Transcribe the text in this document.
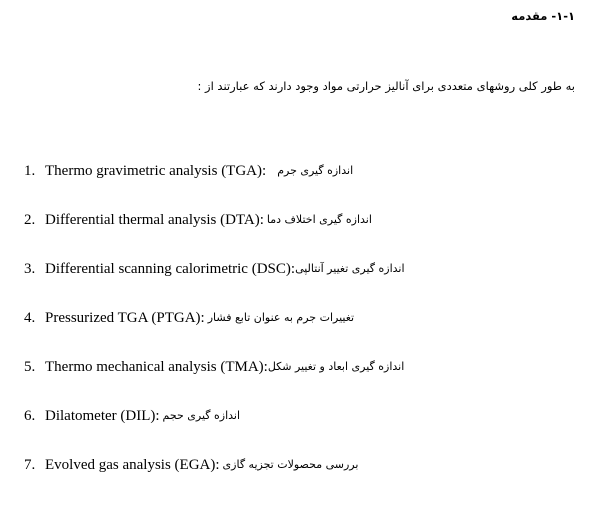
۱-۱- مقدمه
به طور کلی روشهای متعددی برای آنالیز حرارتی مواد وجود دارند که عبارتند از :
1. Thermo gravimetric analysis (TGA): اندازه گیری جرم
2. Differential thermal analysis (DTA): اندازه گیری اختلاف دما
3. Differential scanning calorimetric (DSC):اندازه گیری تغییر آنتالپی
4. Pressurized TGA (PTGA): تغییرات جرم به عنوان تابع فشار
5. Thermo mechanical analysis (TMA):اندازه گیری ابعاد و تغییر شکل
6. Dilatometer (DIL): اندازه گیری حجم
7. Evolved gas analysis (EGA): بررسی محصولات تجزیه گازی
